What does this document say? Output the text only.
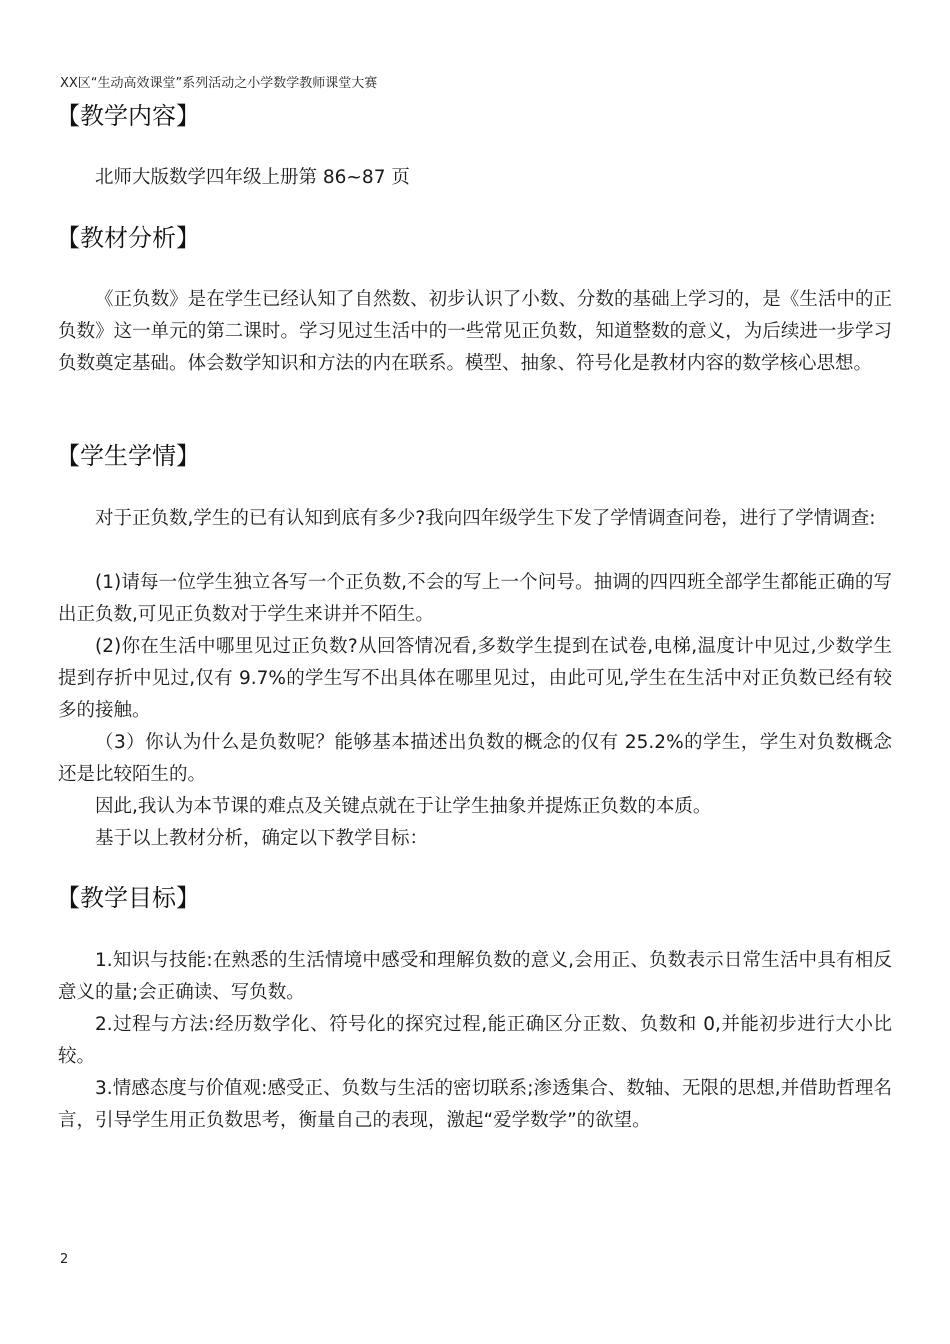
XX区“生动高效课堂”系列活动之小学数学教师课堂大赛
【教学内容】
北师大版数学四年级上册第 86~87 页
【教材分析】
《正负数》是在学生已经认知了自然数、初步认识了小数、分数的基础上学习的，是《生活中的正负数》这一单元的第二课时。学习见过生活中的一些常见正负数，知道整数的意义，为后续进一步学习负数奠定基础。体会数学知识和方法的内在联系。模型、抽象、符号化是教材内容的数学核心思想。
【学生学情】
对于正负数,学生的已有认知到底有多少?我向四年级学生下发了学情调查问卷，进行了学情调查:
(1)请每一位学生独立各写一个正负数,不会的写上一个问号。抽调的四四班全部学生都能正确的写出正负数,可见正负数对于学生来讲并不陌生。
(2)你在生活中哪里见过正负数?从回答情况看,多数学生提到在试卷,电梯,温度计中见过,少数学生提到存折中见过,仅有 9.7%的学生写不出具体在哪里见过，由此可见,学生在生活中对正负数已经有较多的接触。
（3）你认为什么是负数呢？能够基本描述出负数的概念的仅有 25.2%的学生，学生对负数概念还是比较陌生的。
因此,我认为本节课的难点及关键点就在于让学生抽象并提炼正负数的本质。
基于以上教材分析，确定以下教学目标：
【教学目标】
1.知识与技能:在熟悉的生活情境中感受和理解负数的意义,会用正、负数表示日常生活中具有相反意义的量;会正确读、写负数。
2.过程与方法:经历数学化、符号化的探究过程,能正确区分正数、负数和 0,并能初步进行大小比较。
3.情感态度与价值观:感受正、负数与生活的密切联系;渗透集合、数轴、无限的思想,并借助哲理名言，引导学生用正负数思考，衡量自己的表现，激起“爱学数学”的欲望。
2
